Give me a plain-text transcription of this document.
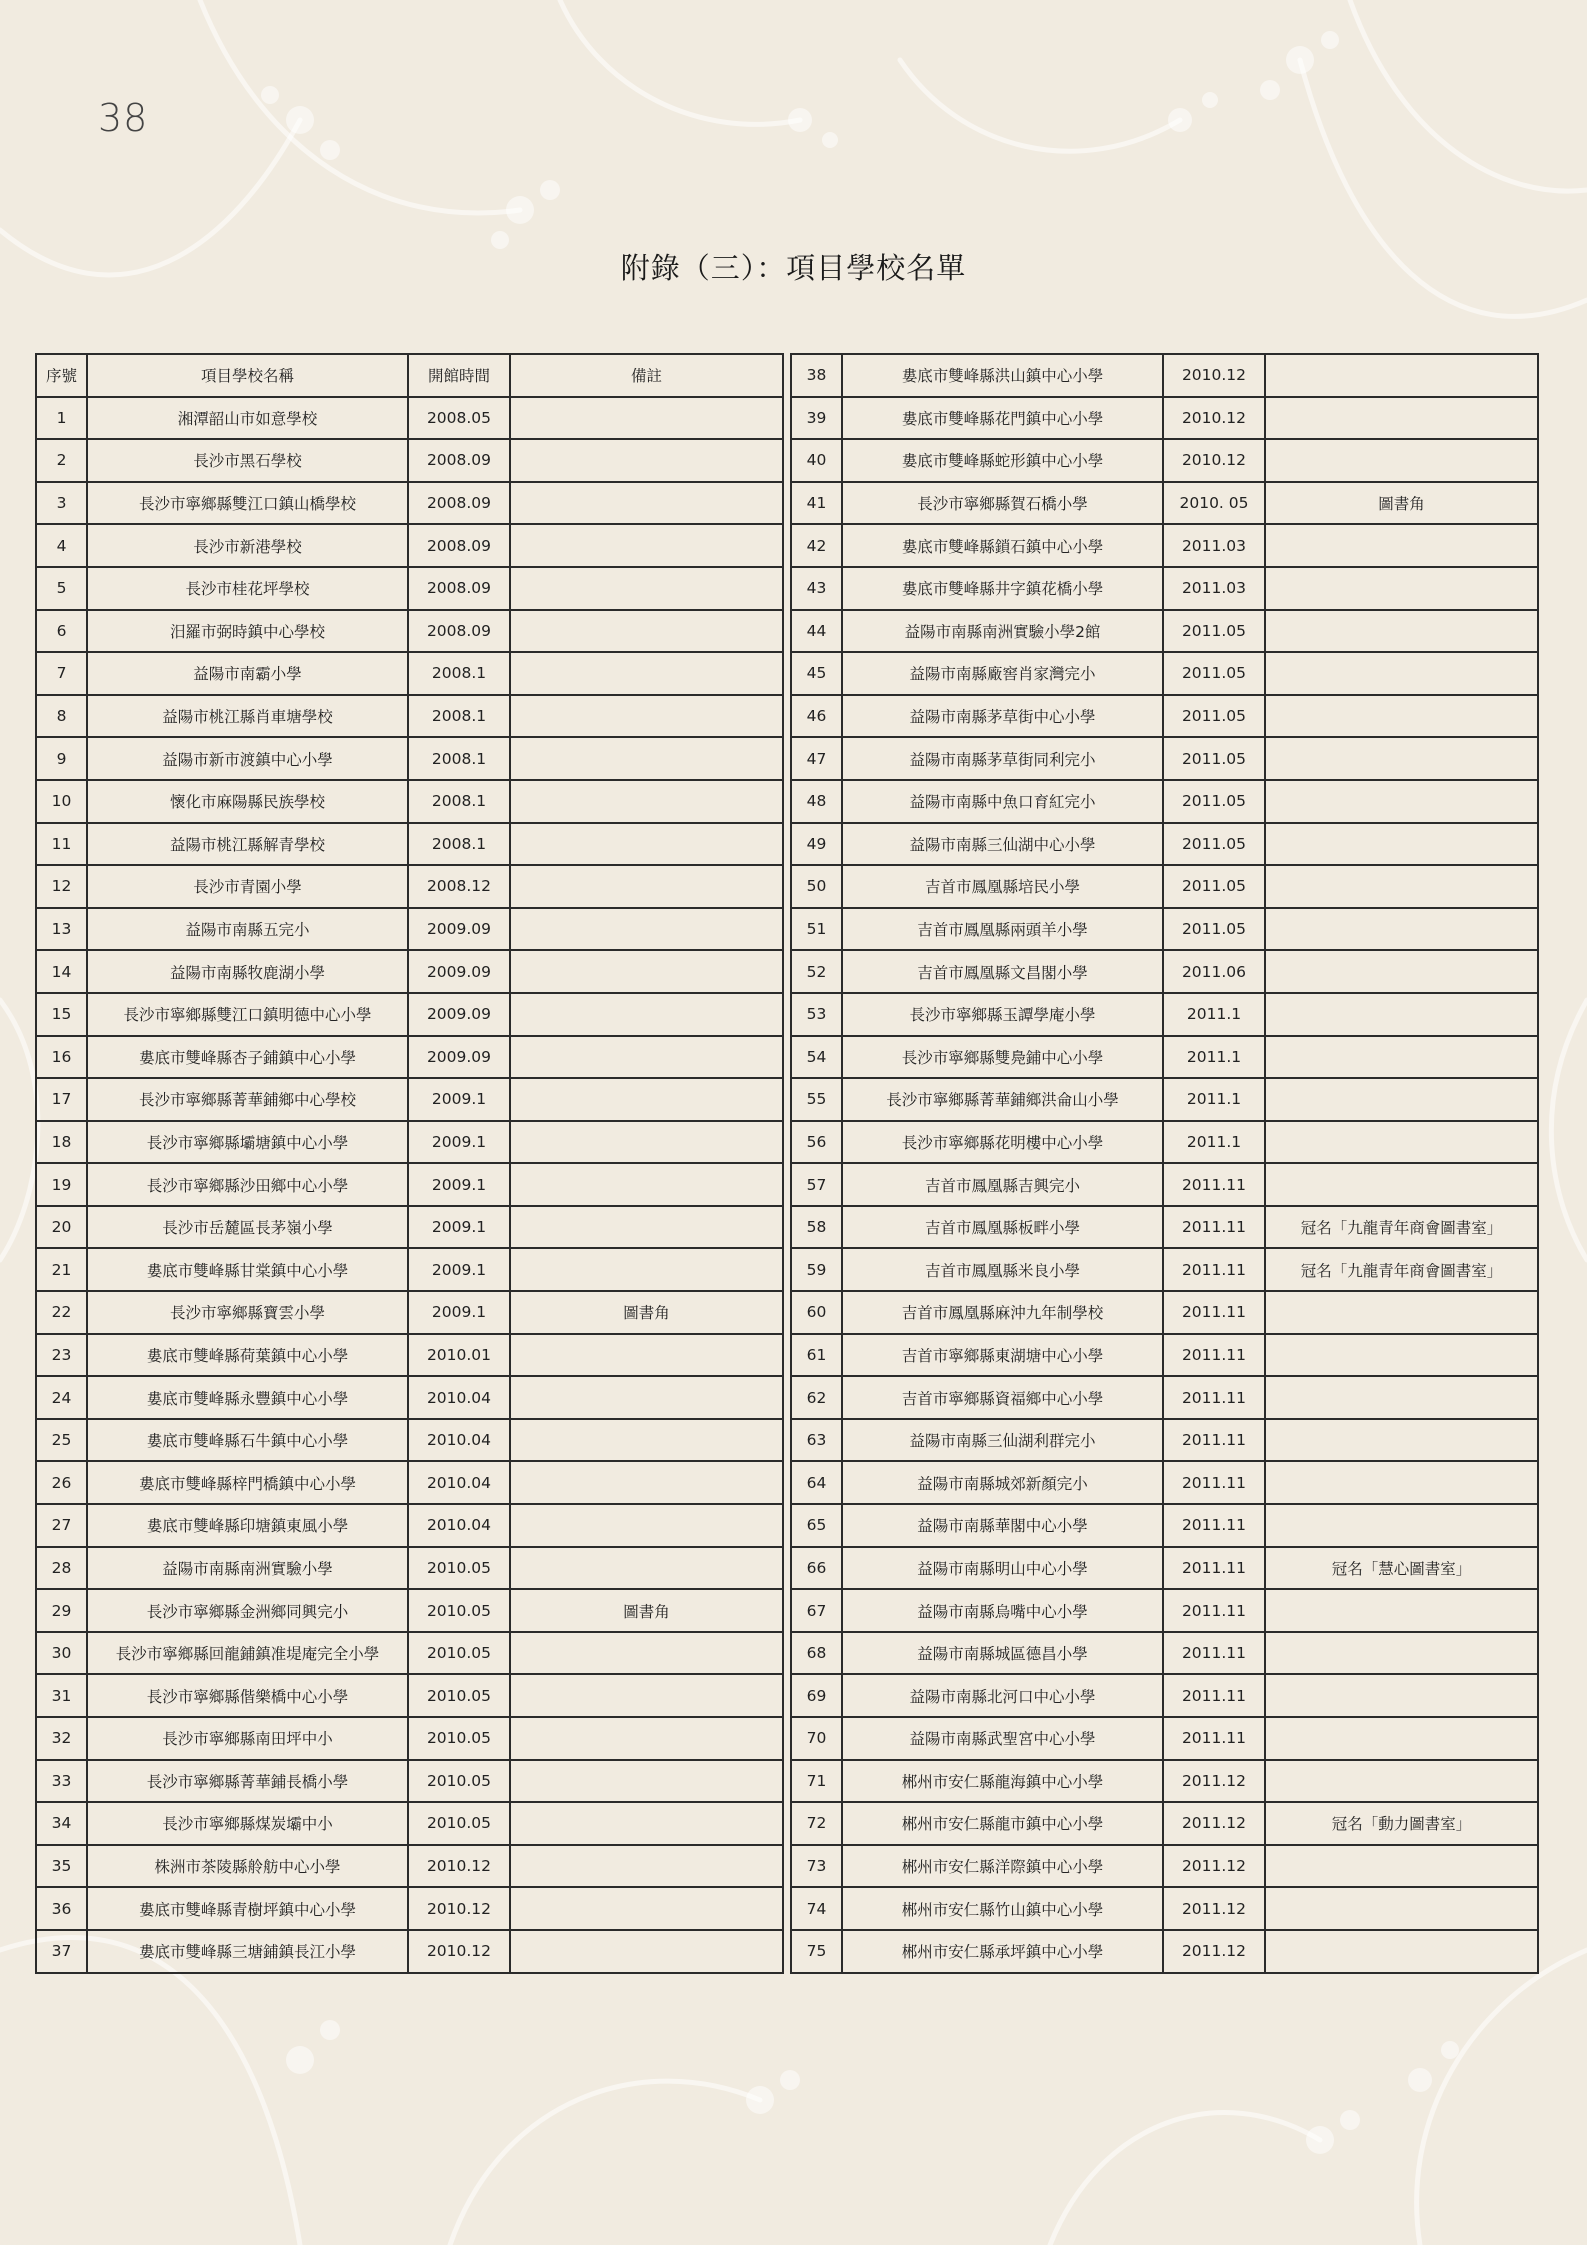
38
附錄（三）：項目學校名單
序號	項目學校名稱	開館時間	備註
1	湘潭韶山市如意學校	2008.05	
2	長沙市黑石學校	2008.09	
3	長沙市寧鄉縣雙江口鎮山橋學校	2008.09	
4	長沙市新港學校	2008.09	
5	長沙市桂花坪學校	2008.09	
6	汨羅市弼時鎮中心學校	2008.09	
7	益陽市南霸小學	2008.1	
8	益陽市桃江縣肖車塘學校	2008.1	
9	益陽市新市渡鎮中心小學	2008.1	
10	懷化市麻陽縣民族學校	2008.1	
11	益陽市桃江縣解青學校	2008.1	
12	長沙市青園小學	2008.12	
13	益陽市南縣五完小	2009.09	
14	益陽市南縣牧鹿湖小學	2009.09	
15	長沙市寧鄉縣雙江口鎮明德中心小學	2009.09	
16	婁底市雙峰縣杏子鋪鎮中心小學	2009.09	
17	長沙市寧鄉縣菁華鋪鄉中心學校	2009.1	
18	長沙市寧鄉縣壩塘鎮中心小學	2009.1	
19	長沙市寧鄉縣沙田鄉中心小學	2009.1	
20	長沙市岳麓區長茅嶺小學	2009.1	
21	婁底市雙峰縣甘棠鎮中心小學	2009.1	
22	長沙市寧鄉縣寶雲小學	2009.1	圖書角
23	婁底市雙峰縣荷葉鎮中心小學	2010.01	
24	婁底市雙峰縣永豐鎮中心小學	2010.04	
25	婁底市雙峰縣石牛鎮中心小學	2010.04	
26	婁底市雙峰縣梓門橋鎮中心小學	2010.04	
27	婁底市雙峰縣印塘鎮東風小學	2010.04	
28	益陽市南縣南洲實驗小學	2010.05	
29	長沙市寧鄉縣金洲鄉同興完小	2010.05	圖書角
30	長沙市寧鄉縣回龍鋪鎮准堤庵完全小學	2010.05	
31	長沙市寧鄉縣偕樂橋中心小學	2010.05	
32	長沙市寧鄉縣南田坪中小	2010.05	
33	長沙市寧鄉縣菁華鋪長橋小學	2010.05	
34	長沙市寧鄉縣煤炭壩中小	2010.05	
35	株洲市茶陵縣舲舫中心小學	2010.12	
36	婁底市雙峰縣青樹坪鎮中心小學	2010.12	
37	婁底市雙峰縣三塘鋪鎮長江小學	2010.12	
38	婁底市雙峰縣洪山鎮中心小學	2010.12	
39	婁底市雙峰縣花門鎮中心小學	2010.12	
40	婁底市雙峰縣蛇形鎮中心小學	2010.12	
41	長沙市寧鄉縣賀石橋小學	2010. 05	圖書角
42	婁底市雙峰縣鎖石鎮中心小學	2011.03	
43	婁底市雙峰縣井字鎮花橋小學	2011.03	
44	益陽市南縣南洲實驗小學2館	2011.05	
45	益陽市南縣廠窖肖家灣完小	2011.05	
46	益陽市南縣茅草街中心小學	2011.05	
47	益陽市南縣茅草街同利完小	2011.05	
48	益陽市南縣中魚口育紅完小	2011.05	
49	益陽市南縣三仙湖中心小學	2011.05	
50	吉首市鳳凰縣培民小學	2011.05	
51	吉首市鳳凰縣兩頭羊小學	2011.05	
52	吉首市鳳凰縣文昌閣小學	2011.06	
53	長沙市寧鄉縣玉譚學庵小學	2011.1	
54	長沙市寧鄉縣雙鳧鋪中心小學	2011.1	
55	長沙市寧鄉縣菁華鋪鄉洪侖山小學	2011.1	
56	長沙市寧鄉縣花明樓中心小學	2011.1	
57	吉首市鳳凰縣吉興完小	2011.11	
58	吉首市鳳凰縣板畔小學	2011.11	冠名「九龍青年商會圖書室」
59	吉首市鳳凰縣米良小學	2011.11	冠名「九龍青年商會圖書室」
60	吉首市鳳凰縣麻沖九年制學校	2011.11	
61	吉首市寧鄉縣東湖塘中心小學	2011.11	
62	吉首市寧鄉縣資福鄉中心小學	2011.11	
63	益陽市南縣三仙湖利群完小	2011.11	
64	益陽市南縣城郊新顏完小	2011.11	
65	益陽市南縣華閣中心小學	2011.11	
66	益陽市南縣明山中心小學	2011.11	冠名「慧心圖書室」
67	益陽市南縣烏嘴中心小學	2011.11	
68	益陽市南縣城區德昌小學	2011.11	
69	益陽市南縣北河口中心小學	2011.11	
70	益陽市南縣武聖宮中心小學	2011.11	
71	郴州市安仁縣龍海鎮中心小學	2011.12	
72	郴州市安仁縣龍市鎮中心小學	2011.12	冠名「動力圖書室」
73	郴州市安仁縣洋際鎮中心小學	2011.12	
74	郴州市安仁縣竹山鎮中心小學	2011.12	
75	郴州市安仁縣承坪鎮中心小學	2011.12	
